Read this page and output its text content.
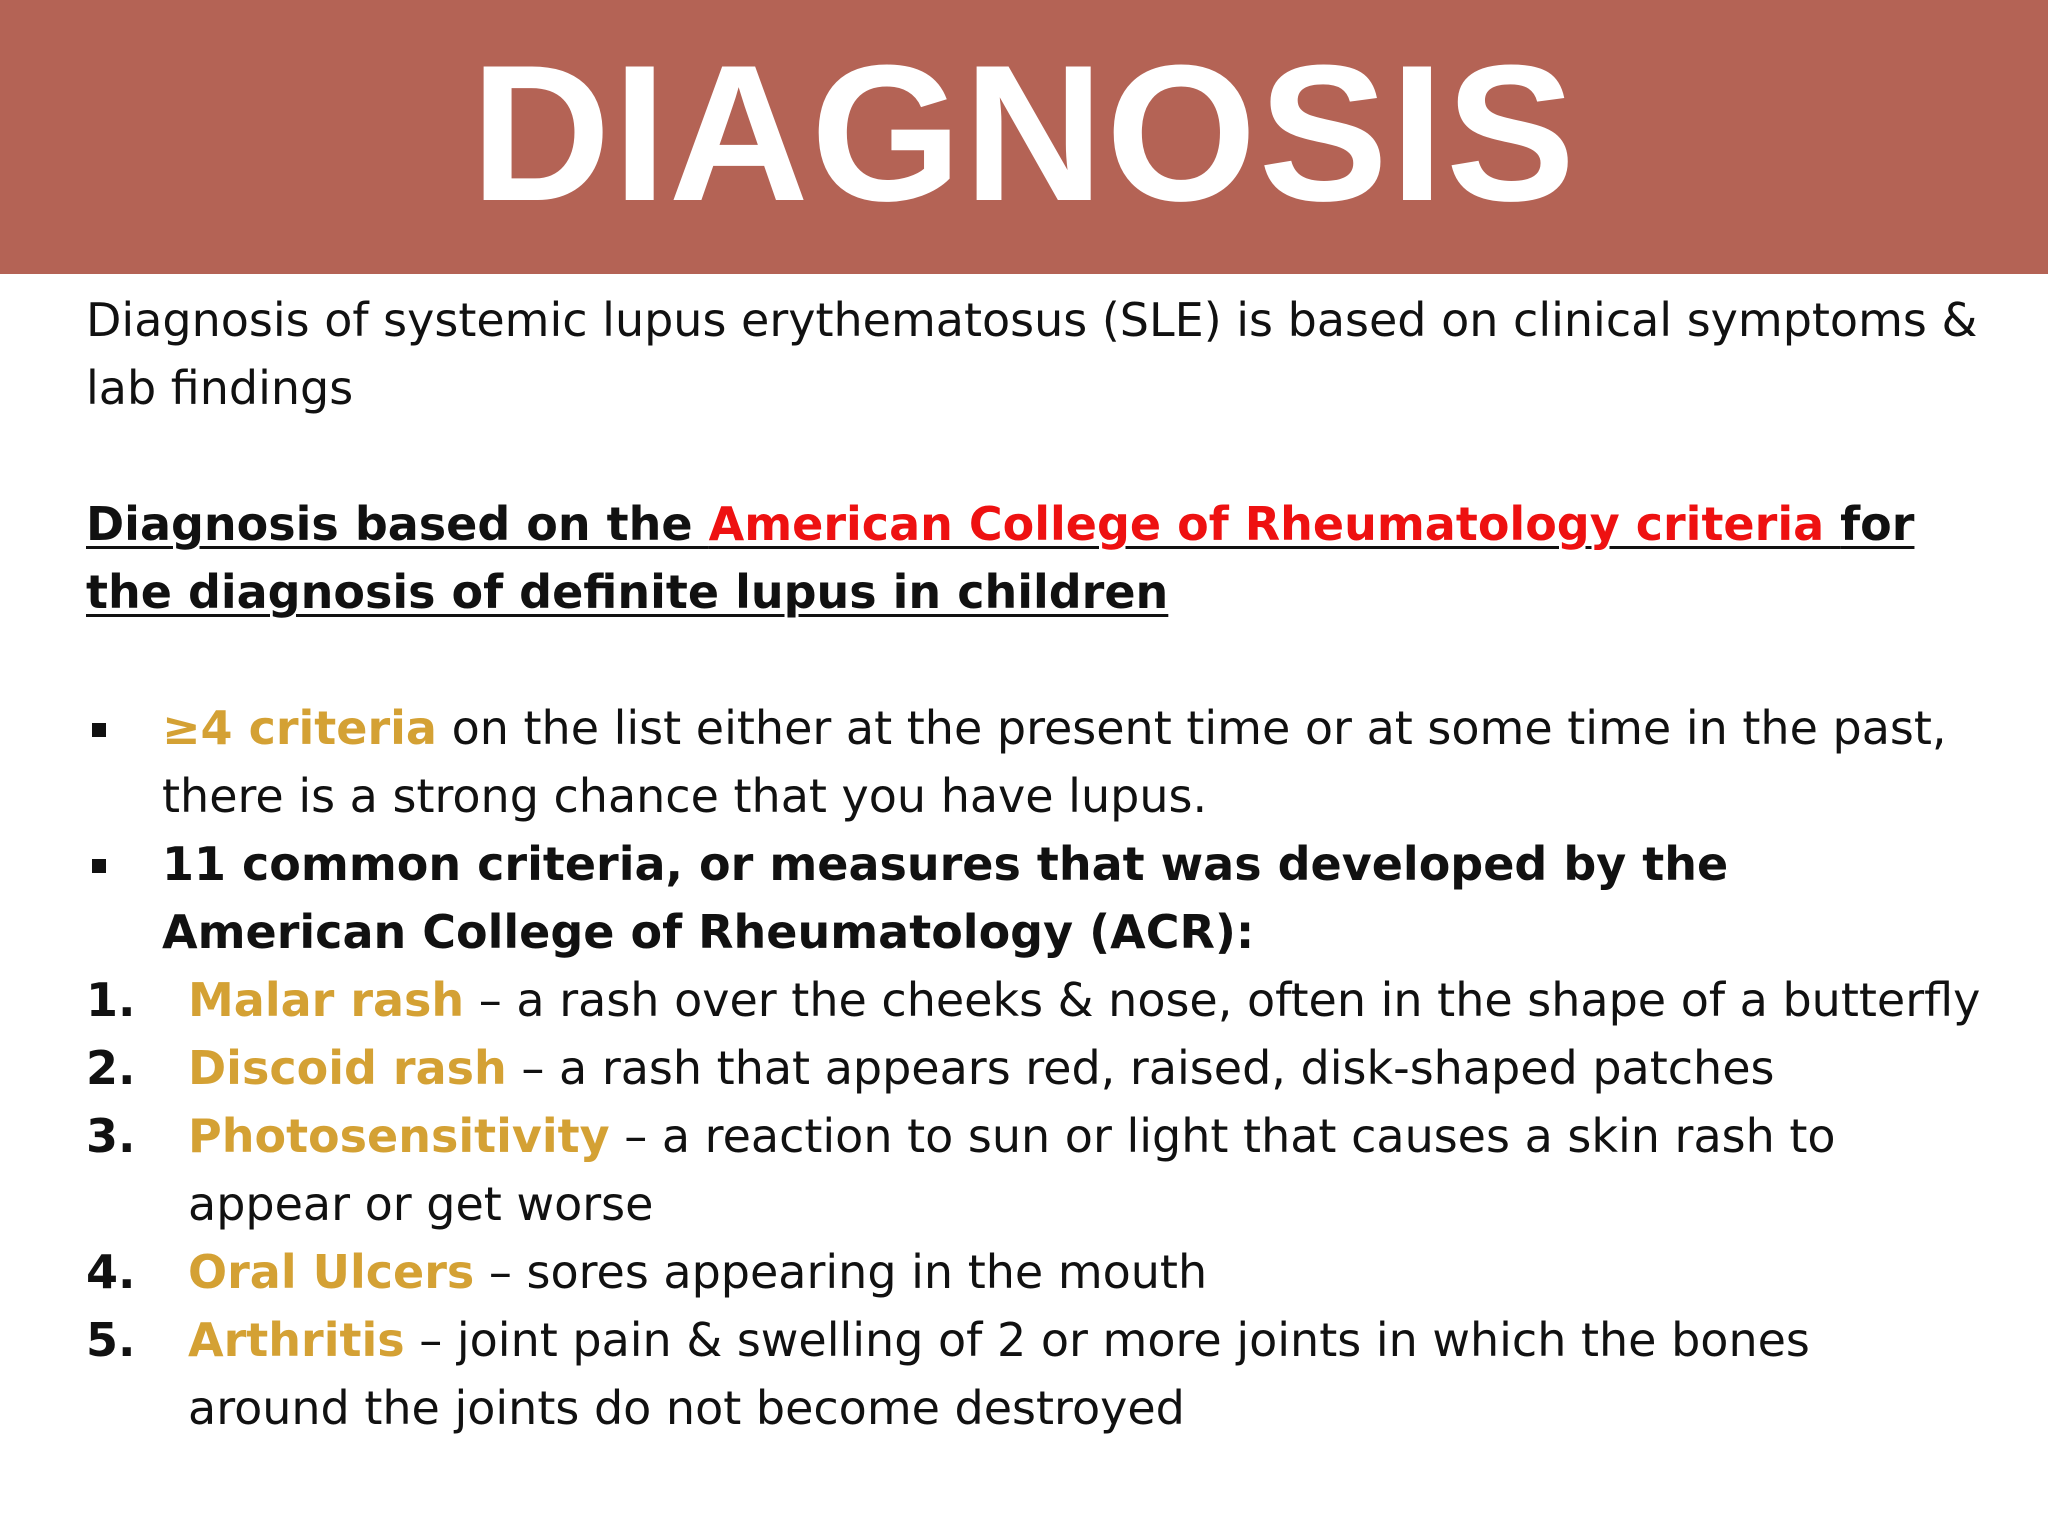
DIAGNOSIS

Diagnosis of systemic lupus erythematosus (SLE) is based on clinical symptoms & lab findings

Diagnosis based on the American College of Rheumatology criteria for the diagnosis of definite lupus in children

≥4 criteria on the list either at the present time or at some time in the past, there is a strong chance that you have lupus.
11 common criteria, or measures that was developed by the American College of Rheumatology (ACR):
1.	Malar rash – a rash over the cheeks & nose, often in the shape of a butterfly
2.	Discoid rash – a rash that appears red, raised, disk-shaped patches
3.	Photosensitivity – a reaction to sun or light that causes a skin rash to appear or get worse
4.	Oral Ulcers – sores appearing in the mouth
5.	Arthritis – joint pain & swelling of 2 or more joints in which the bones around the joints do not become destroyed
